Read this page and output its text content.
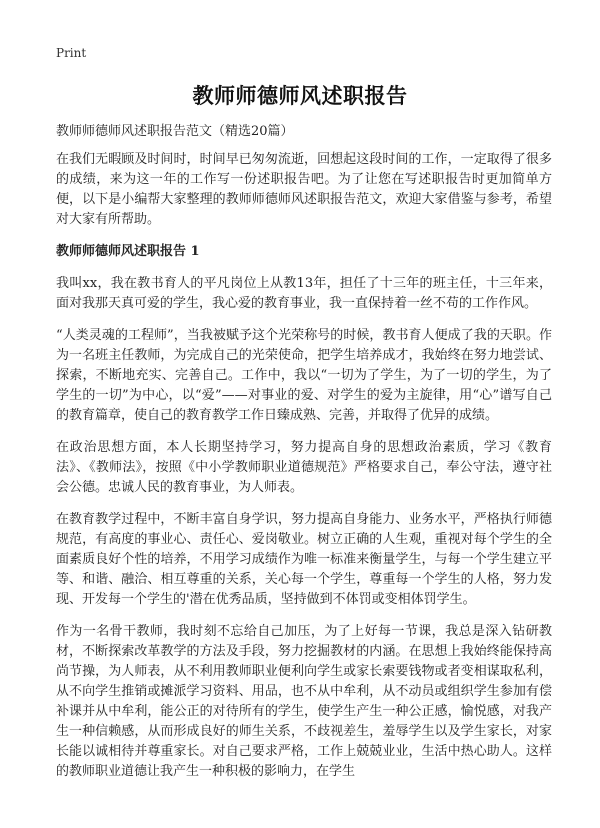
Print
教师师德师风述职报告
教师师德师风述职报告范文（精选20篇）

在我们无暇顾及时间时，时间早已匆匆流逝，回想起这段时间的工作，一定取得了很多的成绩，来为这一年的工作写一份述职报告吧。为了让您在写述职报告时更加简单方便，以下是小编帮大家整理的教师师德师风述职报告范文，欢迎大家借鉴与参考，希望对大家有所帮助。

教师师德师风述职报告 1

我叫xx，我在教书育人的平凡岗位上从教13年，担任了十三年的班主任，十三年来，面对我那天真可爱的学生，我心爱的教育事业，我一直保持着一丝不苟的工作作风。

“人类灵魂的工程师”，当我被赋予这个光荣称号的时候，教书育人便成了我的天职。作为一名班主任教师，为完成自己的光荣使命，把学生培养成才，我始终在努力地尝试、探索，不断地充实、完善自己。工作中，我以“一切为了学生，为了一切的学生，为了学生的一切”为中心，以“爱”——对事业的爱、对学生的爱为主旋律，用“心”谱写自己的教育篇章，使自己的教育教学工作日臻成熟、完善，并取得了优异的成绩。

在政治思想方面，本人长期坚持学习，努力提高自身的思想政治素质，学习《教育法》、《教师法》，按照《中小学教师职业道德规范》严格要求自己，奉公守法，遵守社会公德。忠诚人民的教育事业，为人师表。

在教育教学过程中，不断丰富自身学识，努力提高自身能力、业务水平，严格执行师德规范，有高度的事业心、责任心、爱岗敬业。树立正确的人生观，重视对每个学生的全面素质良好个性的培养，不用学习成绩作为唯一标准来衡量学生，与每一个学生建立平等、和谐、融洽、相互尊重的关系，关心每一个学生，尊重每一个学生的人格，努力发现、开发每一个学生的'潜在优秀品质，坚持做到不体罚或变相体罚学生。

作为一名骨干教师，我时刻不忘给自己加压，为了上好每一节课，我总是深入钻研教材，不断探索改革教学的方法及手段，努力挖掘教材的内涵。在思想上我始终能保持高尚节操，为人师表，从不利用教师职业便利向学生或家长索要钱物或者变相谋取私利，从不向学生推销或摊派学习资料、用品，也不从中牟利，从不动员或组织学生参加有偿补课并从中牟利，能公正的对待所有的学生，使学生产生一种公正感，愉悦感，对我产生一种信赖感，从而形成良好的师生关系，不歧视差生，羞辱学生以及学生家长，对家长能以诚相待并尊重家长。对自己要求严格，工作上兢兢业业，生活中热心助人。这样的教师职业道德让我产生一种积极的影响力，在学生
